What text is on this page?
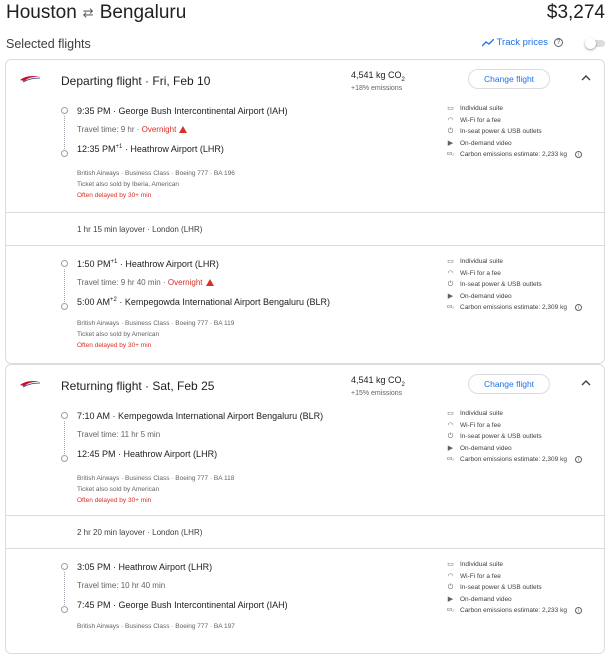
Houston ⇄ Bengaluru	$3,274
Selected flights	Track prices	?
Departing flight · Fri, Feb 10	4,541 kg $CO_2$
+18% emissions
Change flight
9:35 PM · George Bush Intercontinental Airport (IAH)
Travel time: 9 hr · Overnight
12:35 $PM^{+1}$ · Heathrow Airport (LHR)
British Airways · Business Class · Boeing 777 · BA 196
Ticket also sold by Iberia, American
Often delayed by 30+ min
▭ Individual suite
◠ Wi-Fi for a fee
⏻ In-seat power & USB outlets
▶ On-demand video
co₂ Carbon emissions estimate: 2,233 kg	i
1 hr 15 min layover · London (LHR)
1:50 $PM^{+1}$ · Heathrow Airport (LHR)
Travel time: 9 hr 40 min · Overnight
5:00 $AM^{+2}$ · Kempegowda International Airport Bengaluru (BLR)
British Airways · Business Class · Boeing 777 · BA 119
Ticket also sold by American
Often delayed by 30+ min
▭ Individual suite
◠ Wi-Fi for a fee
⏻ In-seat power & USB outlets
▶ On-demand video
co₂ Carbon emissions estimate: 2,309 kg	i
Returning flight · Sat, Feb 25	4,541 kg $CO_2$
+15% emissions
Change flight
7:10 AM · Kempegowda International Airport Bengaluru (BLR)
Travel time: 11 hr 5 min
12:45 PM · Heathrow Airport (LHR)
British Airways · Business Class · Boeing 777 · BA 118
Ticket also sold by American
Often delayed by 30+ min
▭ Individual suite
◠ Wi-Fi for a fee
⏻ In-seat power & USB outlets
▶ On-demand video
co₂ Carbon emissions estimate: 2,309 kg	i
2 hr 20 min layover · London (LHR)
3:05 PM · Heathrow Airport (LHR)
Travel time: 10 hr 40 min
7:45 PM · George Bush Intercontinental Airport (IAH)
British Airways · Business Class · Boeing 777 · BA 197
▭ Individual suite
◠ Wi-Fi for a fee
⏻ In-seat power & USB outlets
▶ On-demand video
co₂ Carbon emissions estimate: 2,233 kg	i
